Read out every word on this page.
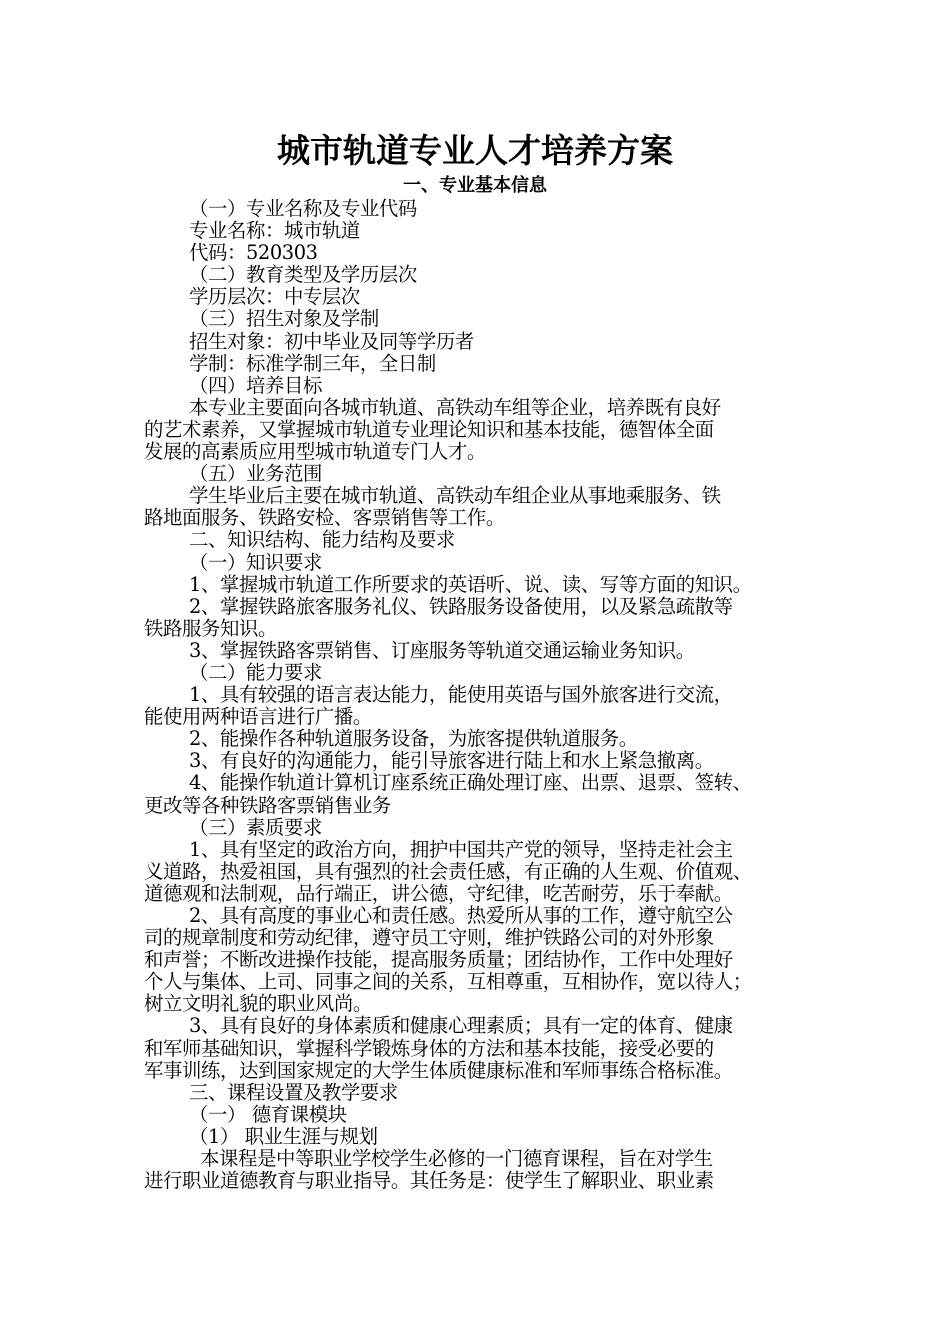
城市轨道专业人才培养方案
一、专业基本信息
（一）专业名称及专业代码
专业名称：城市轨道
代码：520303
（二）教育类型及学历层次
学历层次：中专层次
（三）招生对象及学制
招生对象：初中毕业及同等学历者
学制：标准学制三年，全日制
（四）培养目标
本专业主要面向各城市轨道、高铁动车组等企业，培养既有良好
的艺术素养，又掌握城市轨道专业理论知识和基本技能，德智体全面
发展的高素质应用型城市轨道专门人才。
（五）业务范围
学生毕业后主要在城市轨道、高铁动车组企业从事地乘服务、铁
路地面服务、铁路安检、客票销售等工作。
二、知识结构、能力结构及要求
（一）知识要求
1、掌握城市轨道工作所要求的英语听、说、读、写等方面的知识。
2、掌握铁路旅客服务礼仪、铁路服务设备使用，以及紧急疏散等
铁路服务知识。
3、掌握铁路客票销售、订座服务等轨道交通运输业务知识。
（二）能力要求
1、具有较强的语言表达能力，能使用英语与国外旅客进行交流，
能使用两种语言进行广播。
2、能操作各种轨道服务设备，为旅客提供轨道服务。
3、有良好的沟通能力，能引导旅客进行陆上和水上紧急撤离。
4、能操作轨道计算机订座系统正确处理订座、出票、退票、签转、
更改等各种铁路客票销售业务
（三）素质要求
1、具有坚定的政治方向，拥护中国共产党的领导，坚持走社会主
义道路，热爱祖国，具有强烈的社会责任感，有正确的人生观、价值观、
道德观和法制观，品行端正，讲公德，守纪律，吃苦耐劳，乐于奉献。
2、具有高度的事业心和责任感。热爱所从事的工作，遵守航空公
司的规章制度和劳动纪律，遵守员工守则，维护铁路公司的对外形象
和声誉；不断改进操作技能，提高服务质量；团结协作，工作中处理好
个人与集体、上司、同事之间的关系，互相尊重，互相协作，宽以待人；
树立文明礼貌的职业风尚。
3、具有良好的身体素质和健康心理素质；具有一定的体育、健康
和军师基础知识，掌握科学锻炼身体的方法和基本技能，接受必要的
军事训练，达到国家规定的大学生体质健康标准和军师事练合格标准。
三、课程设置及教学要求
（一） 德育课模块
（1） 职业生涯与规划
本课程是中等职业学校学生必修的一门德育课程，旨在对学生
进行职业道德教育与职业指导。其任务是：使学生了解职业、职业素
